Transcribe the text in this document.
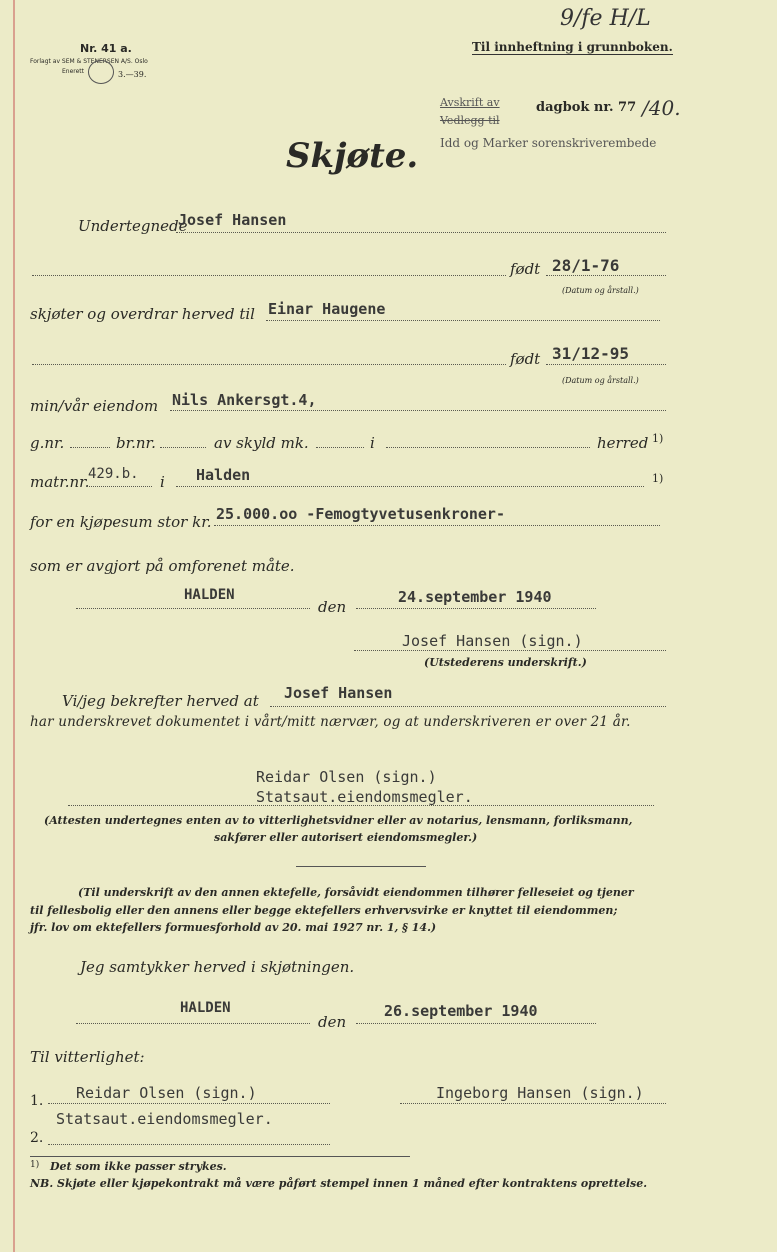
Nr. 41 a.
Forlagt av SEM & STENERSEN A/S. Oslo
Enerett	3.—39.
9/fe H/L
Til innheftning i grunnboken.
Avskrift av	dagbok nr. 77 /40.
Vedlegg til
Idd og Marker sorenskriverembede
Skjøte.
Undertegnede
Josef Hansen
født 28/1-76
(Datum og årstall.)
skjøter og overdrar herved til Einar Haugene
født 31/12-95
(Datum og årstall.)
min/vår eiendom Nils Ankersgt.4,
g.nr.	br.nr.	av skyld mk.	i	herred 1)
matr.nr.
429.b. i Halden	1)
for en kjøpesum stor kr. 25.000.oo -Femogtyvetusenkroner-
som er avgjort på omforenet måte.
HALDEN
den
24.september 1940
Josef Hansen (sign.)
(Utstederens underskrift.)
Vi/jeg bekrefter herved at Josef Hansen
har underskrevet dokumentet i vårt/mitt nærvær, og at underskriveren er over 21 år.
Reidar Olsen (sign.)
Statsaut.eiendomsmegler.
(Attesten undertegnes enten av to vitterlighetsvidner eller av notarius, lensmann, forliksmann,
sakfører eller autorisert eiendomsmegler.)
(Til underskrift av den annen ektefelle, forsåvidt eiendommen tilhører felleseiet og tjener
til fellesbolig eller den annens eller begge ektefellers erhvervsvirke er knyttet til eiendommen;
jfr. lov om ektefellers formuesforhold av 20. mai 1927 nr. 1, § 14.)
Jeg samtykker herved i skjøtningen.
HALDEN
den
26.september 1940
Til vitterlighet:
1. Reidar Olsen (sign.)
Statsaut.eiendomsmegler.
Ingeborg Hansen (sign.)
2.
1) Det som ikke passer strykes.
NB. Skjøte eller kjøpekontrakt må være påført stempel innen 1 måned efter kontraktens oprettelse.
